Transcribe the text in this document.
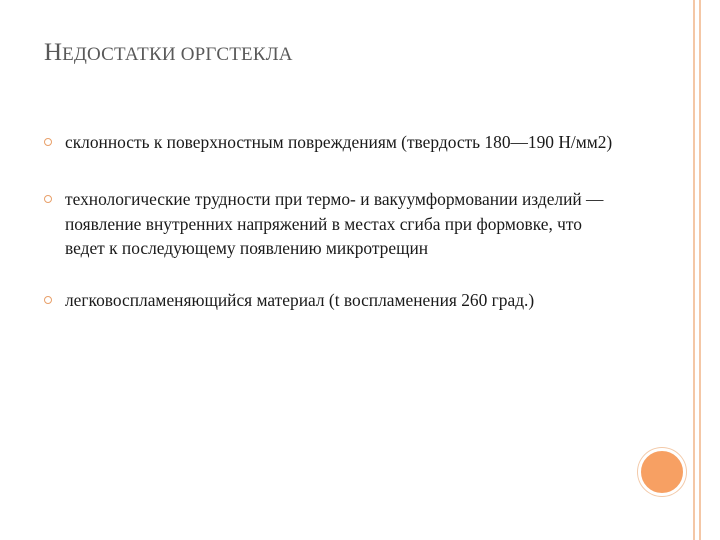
НЕДОСТАТКИ ОРГСТЕКЛА

склонность к поверхностным повреждениям (твердость 180—190 Н/мм2)

технологические трудности при термо- и вакуумформовании изделий — появление внутренних напряжений в местах сгиба при формовке, что ведет к последующему появлению микротрещин

легковоспламеняющийся материал (t воспламенения 260 град.)
